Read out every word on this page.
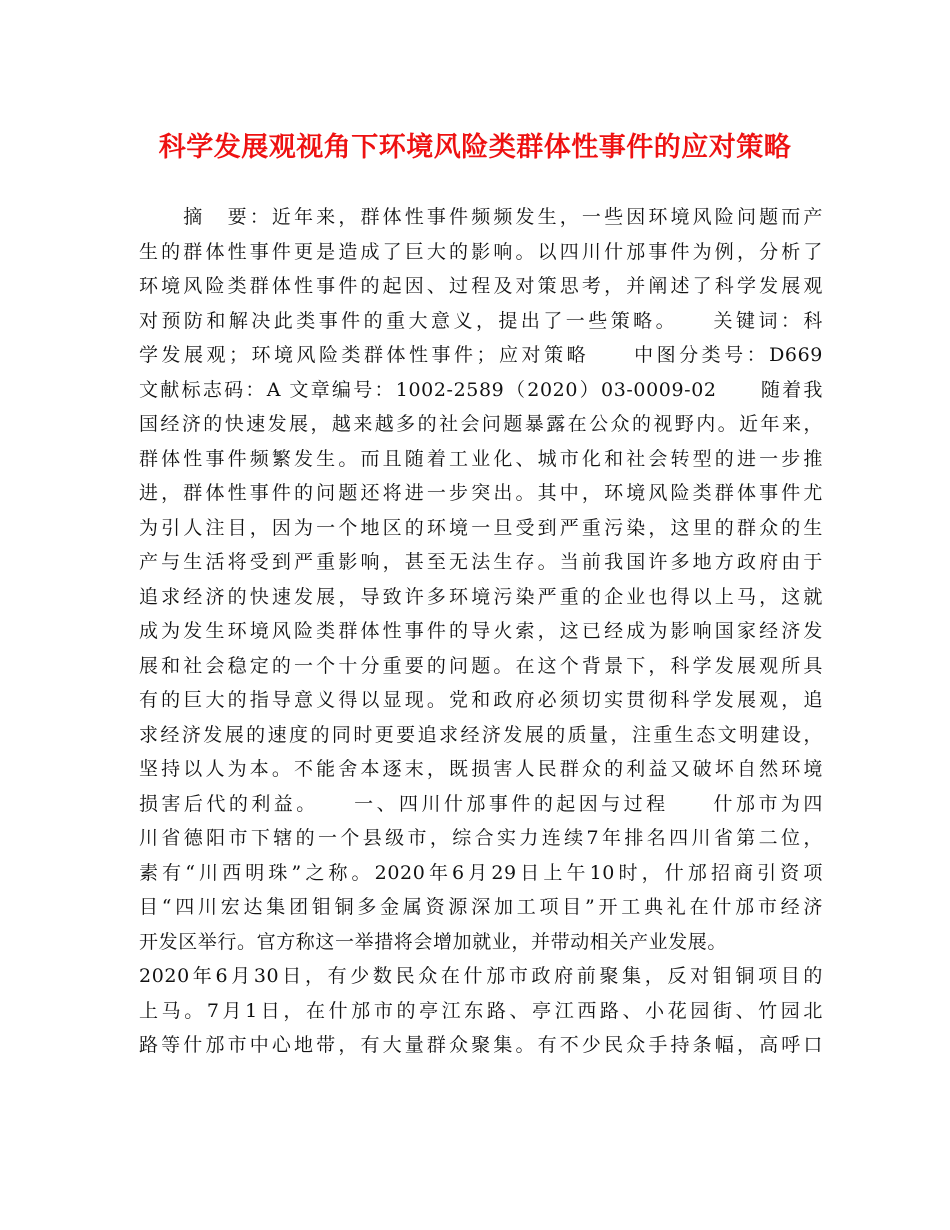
科学发展观视角下环境风险类群体性事件的应对策略
　　摘　要：近年来，群体性事件频频发生，一些因环境风险问题而产
生的群体性事件更是造成了巨大的影响。以四川什邡事件为例，分析了
环境风险类群体性事件的起因、过程及对策思考，并阐述了科学发展观
对预防和解决此类事件的重大意义，提出了一些策略。　　关键词：科
学发展观；环境风险类群体性事件；应对策略　　中图分类号：D669
文献标志码：A 文章编号：1002-2589（2020）03-0009-02　　随着我
国经济的快速发展，越来越多的社会问题暴露在公众的视野内。近年来，
群体性事件频繁发生。而且随着工业化、城市化和社会转型的进一步推
进，群体性事件的问题还将进一步突出。其中，环境风险类群体事件尤
为引人注目，因为一个地区的环境一旦受到严重污染，这里的群众的生
产与生活将受到严重影响，甚至无法生存。当前我国许多地方政府由于
追求经济的快速发展，导致许多环境污染严重的企业也得以上马，这就
成为发生环境风险类群体性事件的导火索，这已经成为影响国家经济发
展和社会稳定的一个十分重要的问题。在这个背景下，科学发展观所具
有的巨大的指导意义得以显现。党和政府必须切实贯彻科学发展观，追
求经济发展的速度的同时更要追求经济发展的质量，注重生态文明建设，
坚持以人为本。不能舍本逐末，既损害人民群众的利益又破坏自然环境
损害后代的利益。　　一、四川什邡事件的起因与过程　　什邡市为四
川省德阳市下辖的一个县级市，综合实力连续7年排名四川省第二位，
素有“川西明珠”之称。2020年6月29日上午10时，什邡招商引资项
目“四川宏达集团钼铜多金属资源深加工项目”开工典礼在什邡市经济
开发区举行。官方称这一举措将会增加就业，并带动相关产业发展。
2020年6月30日，有少数民众在什邡市政府前聚集，反对钼铜项目的
上马。7月1日，在什邡市的亭江东路、亭江西路、小花园街、竹园北
路等什邡市中心地带，有大量群众聚集。有不少民众手持条幅，高呼口
